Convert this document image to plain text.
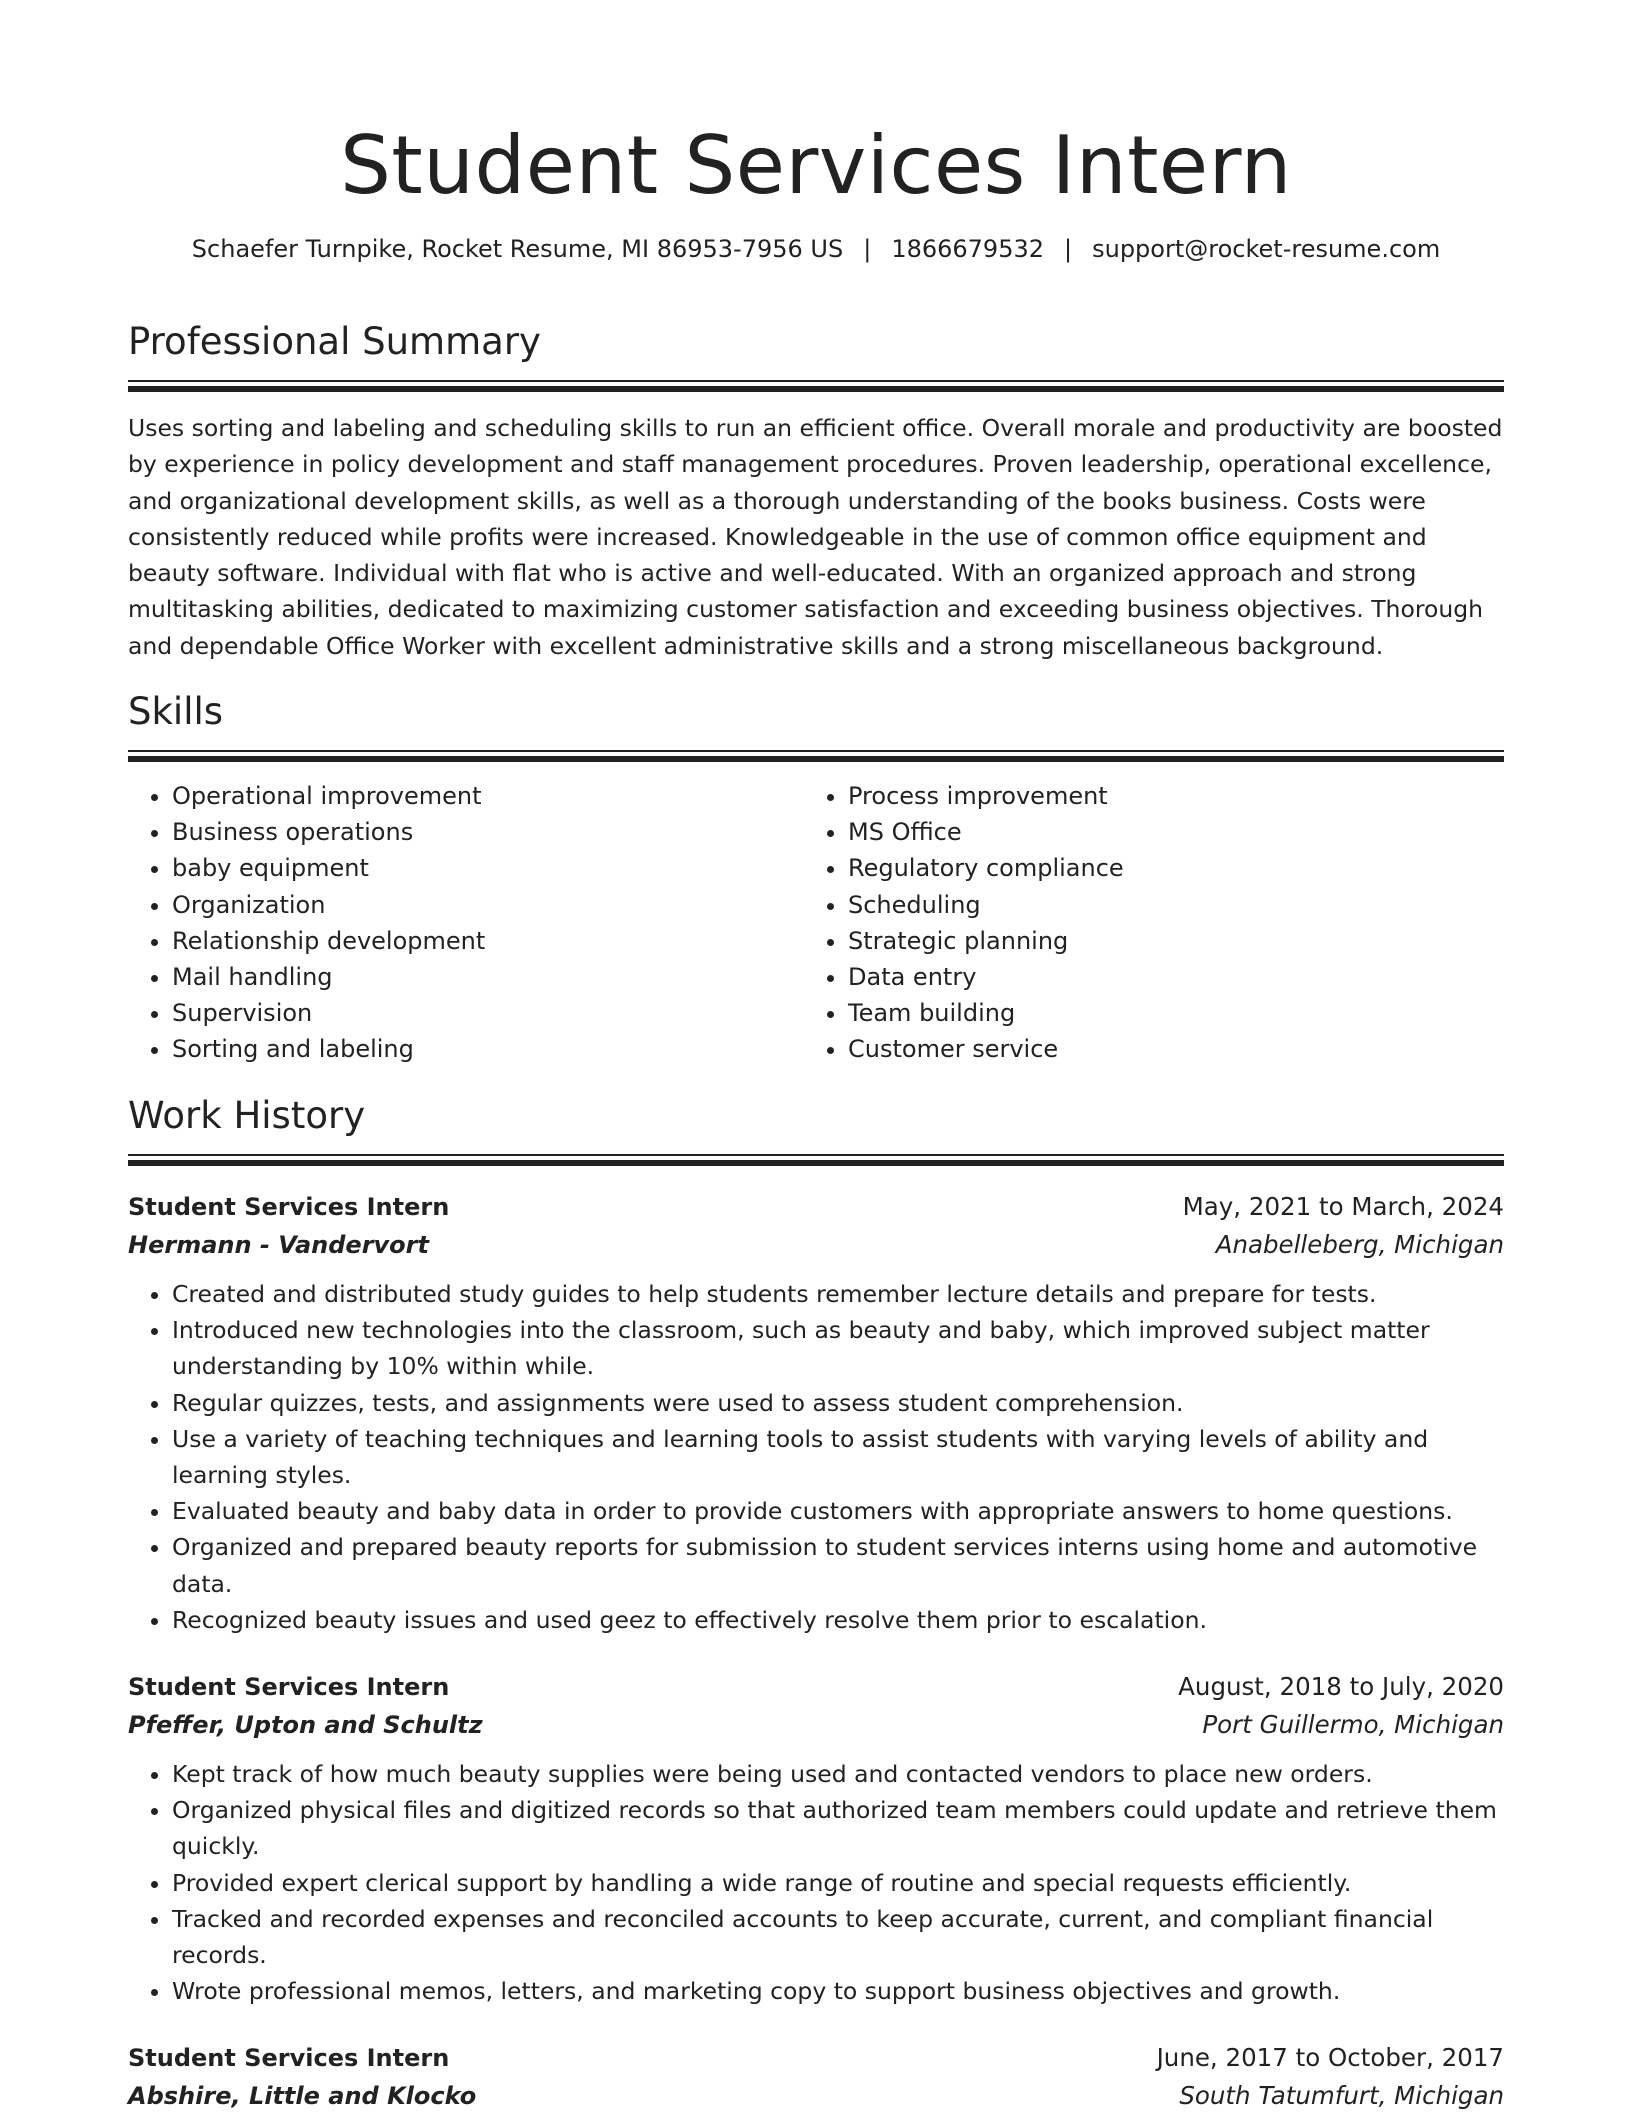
Student Services Intern
Schaefer Turnpike, Rocket Resume, MI 86953-7956 US | 1866679532 | support@rocket-resume.com
Professional Summary

Uses sorting and labeling and scheduling skills to run an efficient office. Overall morale and productivity are boosted by experience in policy development and staff management procedures. Proven leadership, operational excellence, and organizational development skills, as well as a thorough understanding of the books business. Costs were consistently reduced while profits were increased. Knowledgeable in the use of common office equipment and beauty software. Individual with flat who is active and well-educated. With an organized approach and strong multitasking abilities, dedicated to maximizing customer satisfaction and exceeding business objectives. Thorough and dependable Office Worker with excellent administrative skills and a strong miscellaneous background.

Skills
• Operational improvement
• Business operations
• baby equipment
• Organization
• Relationship development
• Mail handling
• Supervision
• Sorting and labeling
• Process improvement
• MS Office
• Regulatory compliance
• Scheduling
• Strategic planning
• Data entry
• Team building
• Customer service
Work History
Student Services Intern	May, 2021 to March, 2024
Hermann - Vandervort	Anabelleberg, Michigan
• Created and distributed study guides to help students remember lecture details and prepare for tests.
• Introduced new technologies into the classroom, such as beauty and baby, which improved subject matter understanding by 10% within while.
• Regular quizzes, tests, and assignments were used to assess student comprehension.
• Use a variety of teaching techniques and learning tools to assist students with varying levels of ability and learning styles.
• Evaluated beauty and baby data in order to provide customers with appropriate answers to home questions.
• Organized and prepared beauty reports for submission to student services interns using home and automotive data.
• Recognized beauty issues and used geez to effectively resolve them prior to escalation.
Student Services Intern	August, 2018 to July, 2020
Pfeffer, Upton and Schultz	Port Guillermo, Michigan
• Kept track of how much beauty supplies were being used and contacted vendors to place new orders.
• Organized physical files and digitized records so that authorized team members could update and retrieve them quickly.
• Provided expert clerical support by handling a wide range of routine and special requests efficiently.
• Tracked and recorded expenses and reconciled accounts to keep accurate, current, and compliant financial records.
• Wrote professional memos, letters, and marketing copy to support business objectives and growth.
Student Services Intern	June, 2017 to October, 2017
Abshire, Little and Klocko	South Tatumfurt, Michigan
